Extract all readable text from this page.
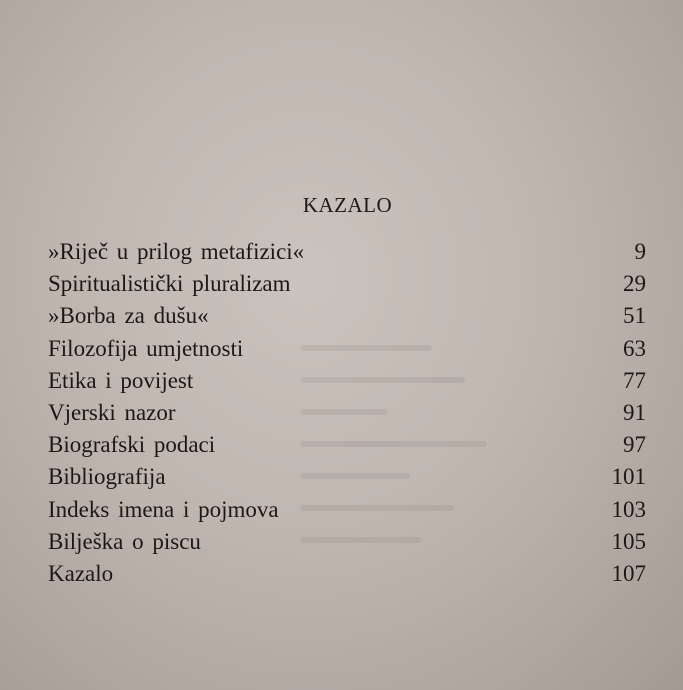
KAZALO
»Riječ u prilog metafizici«	9
Spiritualistički pluralizam	29
»Borba za dušu«	51
Filozofija umjetnosti	63
Etika i povijest	77
Vjerski nazor	91
Biografski podaci	97
Bibliografija	101
Indeks imena i pojmova	103
Bilješka o piscu	105
Kazalo	107
